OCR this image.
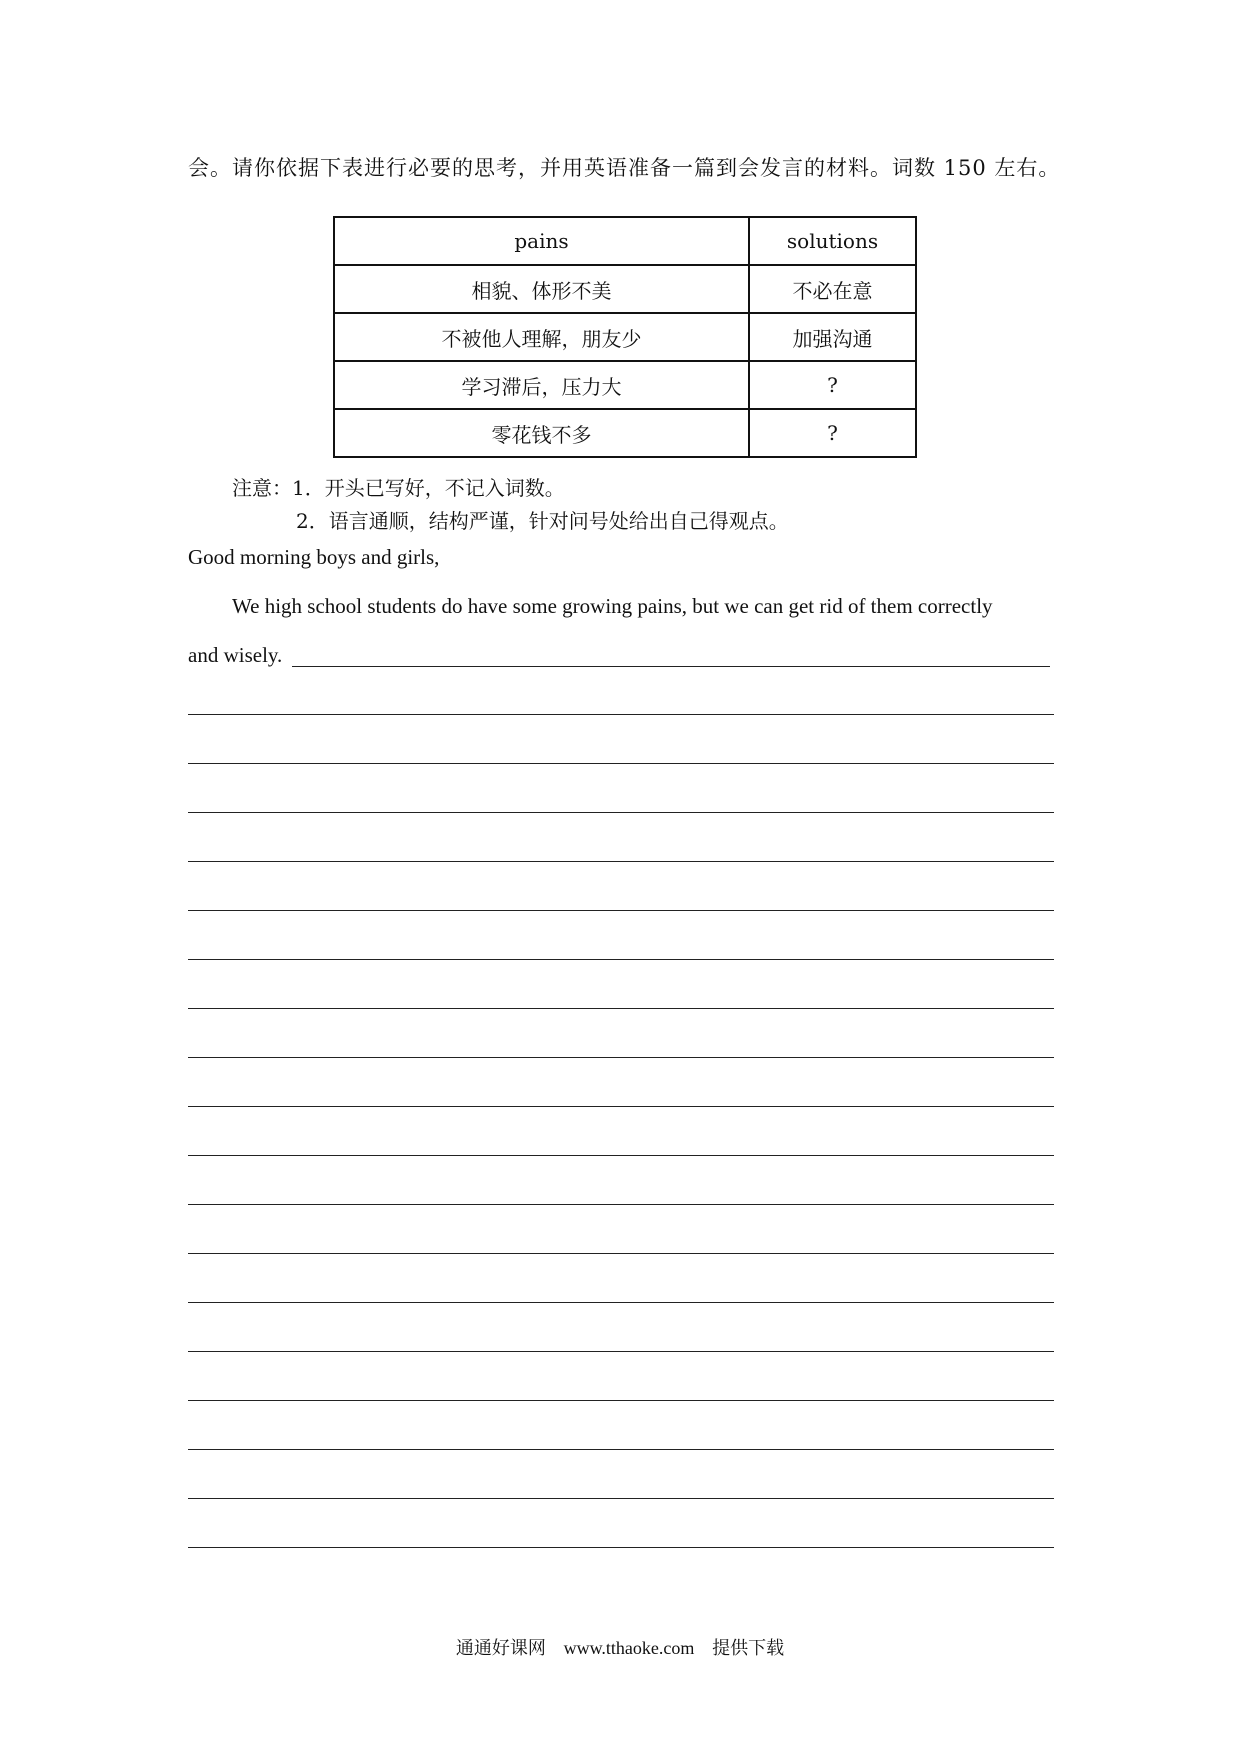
会。请你依据下表进行必要的思考，并用英语准备一篇到会发言的材料。词数 150 左右。
pains	solutions
相貌、体形不美	不必在意
不被他人理解，朋友少	加强沟通
学习滞后，压力大	?
零花钱不多	?
注意：1．开头已写好，不记入词数。
2．语言通顺，结构严谨，针对问号处给出自己得观点。
Good morning boys and girls,
We high school students do have some growing pains, but we can get rid of them correctly
and wisely.
通通好课网 www.tthaoke.com 提供下载
